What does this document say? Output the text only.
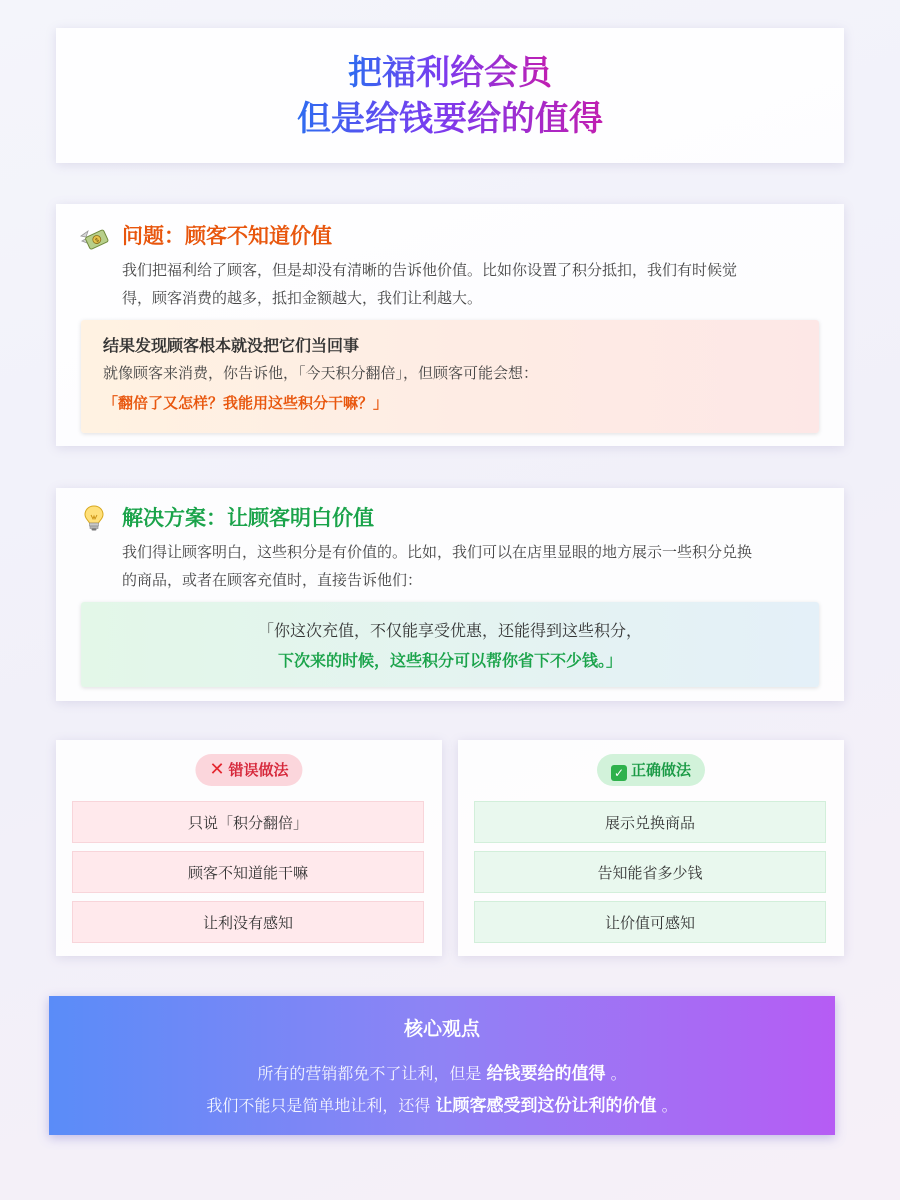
把福利给会员
但是给钱要给的值得
$ 问题：顾客不知道价值
我们把福利给了顾客，但是却没有清晰的告诉他价值。比如你设置了积分抵扣，我们有时候觉
得，顾客消费的越多，抵扣金额越大，我们让利越大。
结果发现顾客根本就没把它们当回事
就像顾客来消费，你告诉他，「今天积分翻倍」，但顾客可能会想：
「翻倍了又怎样？我能用这些积分干嘛？」
解决方案：让顾客明白价值
我们得让顾客明白，这些积分是有价值的。比如，我们可以在店里显眼的地方展示一些积分兑换
的商品，或者在顾客充值时，直接告诉他们：
「你这次充值，不仅能享受优惠，还能得到这些积分，
下次来的时候，这些积分可以帮你省下不少钱。」
✕ 错误做法
只说「积分翻倍」
顾客不知道能干嘛
让利没有感知
✓ 正确做法
展示兑换商品
告知能省多少钱
让价值可感知
核心观点
所有的营销都免不了让利，但是 给钱要给的值得 。
我们不能只是简单地让利，还得 让顾客感受到这份让利的价值 。
